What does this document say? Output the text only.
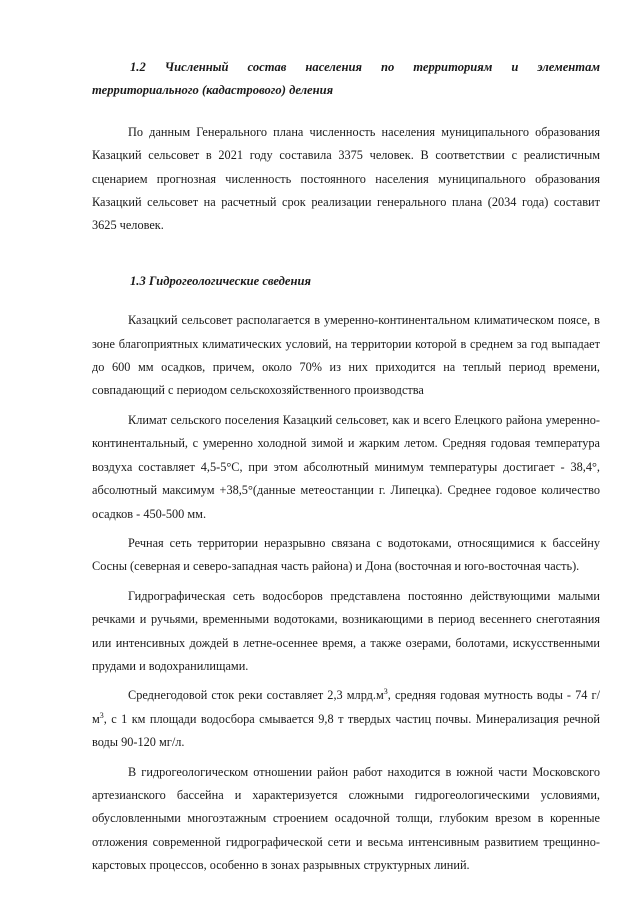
1.2 Численный состав населения по территориям и элементам
территориального (кадастрового) деления

По данным Генерального плана численность населения муниципального образования Казацкий сельсовет в 2021 году составила 3375 человек. В соответствии с реалистичным сценарием прогнозная численность постоянного населения муниципального образования Казацкий сельсовет на расчетный срок реализации генерального плана (2034 года) составит 3625 человек.

1.3 Гидрогеологические сведения

Казацкий сельсовет располагается в умеренно-континентальном климатическом поясе, в зоне благоприятных климатических условий, на территории которой в среднем за год выпадает до 600 мм осадков, причем, около 70% из них приходится на теплый период времени, совпадающий с периодом сельскохозяйственного производства

Климат сельского поселения Казацкий сельсовет, как и всего Елецкого района умеренно-континентальный, с умеренно холодной зимой и жарким летом. Средняя годовая температура воздуха составляет 4,5-5°С, при этом абсолютный минимум температуры достигает - 38,4°, абсолютный максимум +38,5°(данные метеостанции г. Липецка). Среднее годовое количество осадков - 450-500 мм.

Речная сеть территории неразрывно связана с водотоками, относящимися к бассейну Сосны (северная и северо-западная часть района) и Дона (восточная и юго-восточная часть).

Гидрографическая сеть водосборов представлена постоянно действующими малыми речками и ручьями, временными водотоками, возникающими в период весеннего снеготаяния или интенсивных дождей в летне-осеннее время, а также озерами, болотами, искусственными прудами и водохранилищами.

Среднегодовой сток реки составляет 2,3 $млрд.м^3$, средняя годовая мутность воды - 74 $г/м^3$, с 1 км площади водосбора смывается 9,8 т твердых частиц почвы. Минерализация речной воды 90-120 мг/л.

В гидрогеологическом отношении район работ находится в южной части Московского артезианского бассейна и характеризуется сложными гидрогеологическими условиями, обусловленными многоэтажным строением осадочной толщи, глубоким врезом в коренные отложения современной гидрографической сети и весьма интенсивным развитием трещинно-карстовых процессов, особенно в зонах разрывных структурных линий.
